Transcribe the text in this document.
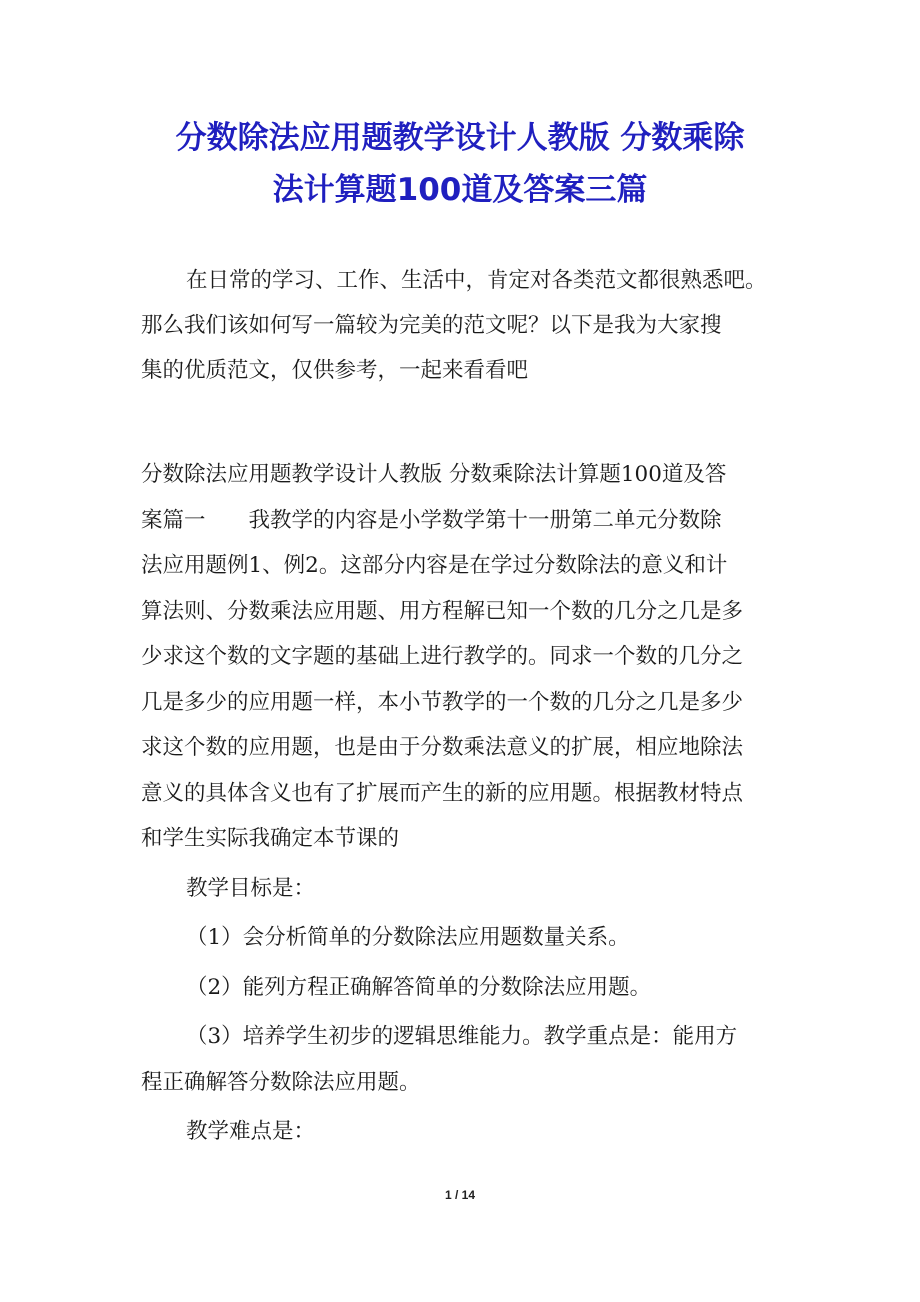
分数除法应用题教学设计人教版 分数乘除
法计算题100道及答案三篇

在日常的学习、工作、生活中，肯定对各类范文都很熟悉吧。

那么我们该如何写一篇较为完美的范文呢？以下是我为大家搜

集的优质范文，仅供参考，一起来看看吧

分数除法应用题教学设计人教版 分数乘除法计算题100道及答

案篇一　　我教学的内容是小学数学第十一册第二单元分数除

法应用题例1、例2。这部分内容是在学过分数除法的意义和计

算法则、分数乘法应用题、用方程解已知一个数的几分之几是多

少求这个数的文字题的基础上进行教学的。同求一个数的几分之

几是多少的应用题一样，本小节教学的一个数的几分之几是多少

求这个数的应用题，也是由于分数乘法意义的扩展，相应地除法

意义的具体含义也有了扩展而产生的新的应用题。根据教材特点

和学生实际我确定本节课的

教学目标是：

（1）会分析简单的分数除法应用题数量关系。

（2）能列方程正确解答简单的分数除法应用题。

（3）培养学生初步的逻辑思维能力。教学重点是：能用方

程正确解答分数除法应用题。

教学难点是：

1 / 14
